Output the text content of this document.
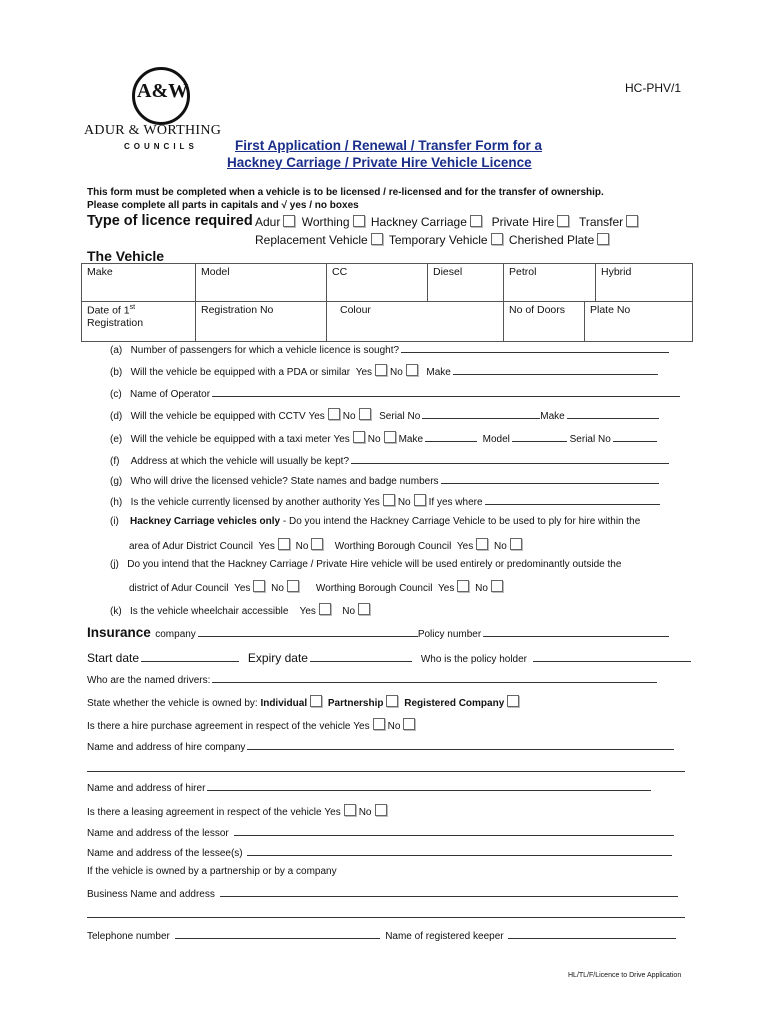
A&W
ADUR & WORTHING
COUNCILS
HC-PHV/1
First Application / Renewal / Transfer Form for a
Hackney Carriage / Private Hire Vehicle Licence
This form must be completed when a vehicle is to be licensed / re-licensed and for the transfer of ownership.
Please complete all parts in capitals and √ yes / no boxes
Type of licence required Adur Worthing Hackney Carriage Private Hire Transfer
Replacement Vehicle Temporary Vehicle Cherished Plate
The Vehicle
Make	Model	CC	Diesel	Petrol		Hybrid
Date of 1st Registration	Registration No	Colour		No of Doors	Plate No	
(a) Number of passengers for which a vehicle licence is sought?
(b) Will the vehicle be equipped with a PDA or similar Yes No Make
(c) Name of Operator
(d) Will the vehicle be equipped with CCTV Yes No Serial No	Make
(e) Will the vehicle be equipped with a taxi meter Yes No Make	Model	Serial No
(f) Address at which the vehicle will usually be kept?
(g) Who will drive the licensed vehicle? State names and badge numbers
(h) Is the vehicle currently licensed by another authority Yes No If yes where
(i) Hackney Carriage vehicles only - Do you intend the Hackney Carriage Vehicle to be used to ply for hire within the
area of Adur District Council Yes No	Worthing Borough Council Yes No
(j) Do you intend that the Hackney Carriage / Private Hire vehicle will be used entirely or predominantly outside the
district of Adur Council Yes No	Worthing Borough Council Yes No
(k) Is the vehicle wheelchair accessible Yes	No
Insurance company	Policy number
Start date	Expiry date	Who is the policy holder
Who are the named drivers:
State whether the vehicle is owned by: Individual Partnership Registered Company
Is there a hire purchase agreement in respect of the vehicle Yes No
Name and address of hire company
Name and address of hirer
Is there a leasing agreement in respect of the vehicle Yes No
Name and address of the lessor
Name and address of the lessee(s)
If the vehicle is owned by a partnership or by a company
Business Name and address
Telephone number	Name of registered keeper
HL/TL/F/Licence to Drive Application
